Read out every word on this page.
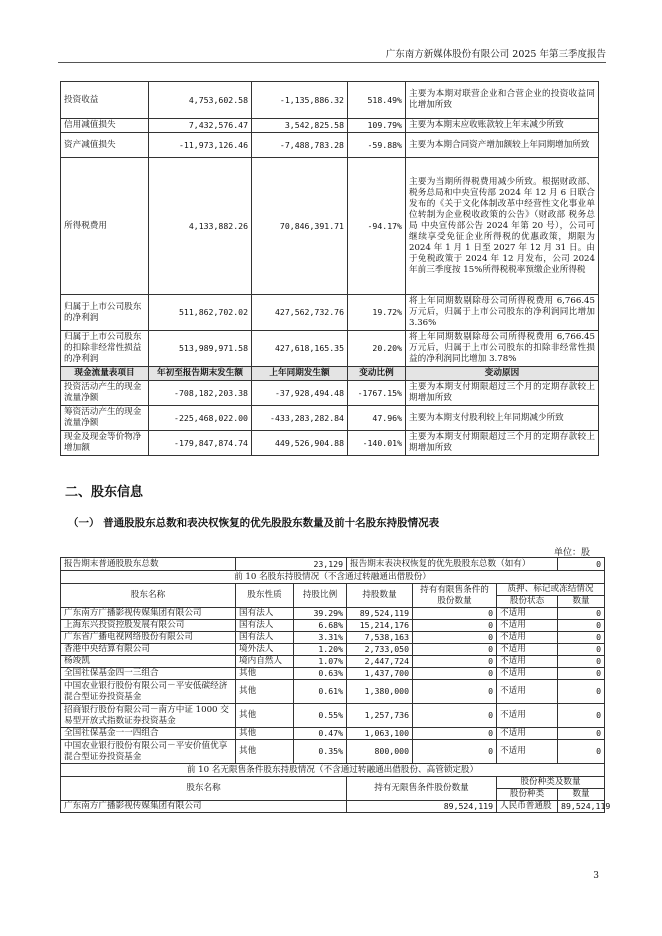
广东南方新媒体股份有限公司 2025 年第三季度报告
投资收益	4,753,602.58	-1,135,886.32	518.49%	主要为本期对联营企业和合营企业的投资收益同比增加所致
信用减值损失	7,432,576.47	3,542,825.58	109.79%	主要为本期末应收账款较上年末减少所致
资产减值损失	-11,973,126.46	-7,488,783.28	-59.88%	主要为本期合同资产增加额较上年同期增加所致
所得税费用	4,133,882.26	70,846,391.71	-94.17%	主要为当期所得税费用减少所致。根据财政部、税务总局和中央宣传部 2024 年 12 月 6 日联合发布的《关于文化体制改革中经营性文化事业单位转制为企业税收政策的公告》（财政部 税务总局 中央宣传部公告 2024 年第 20 号），公司可继续享受免征企业所得税的优惠政策，期限为 2024 年 1 月 1 日至 2027 年 12 月 31 日。由于免税政策于 2024 年 12 月发布，公司 2024 年前三季度按 15%所得税税率预缴企业所得税
归属于上市公司股东的净利润	511,862,702.02	427,562,732.76	19.72%	将上年同期数剔除母公司所得税费用 6,766.45 万元后，归属于上市公司股东的净利润同比增加 3.36%
归属于上市公司股东的扣除非经常性损益的净利润	513,989,971.58	427,618,165.35	20.20%	将上年同期数剔除母公司所得税费用 6,766.45 万元后，归属于上市公司股东的扣除非经常性损益的净利润同比增加 3.78%
现金流量表项目	年初至报告期末发生额	上年同期发生额	变动比例	变动原因
投资活动产生的现金流量净额	-708,182,203.38	-37,928,494.48	-1767.15%	主要为本期支付期限超过三个月的定期存款较上期增加所致
筹资活动产生的现金流量净额	-225,468,022.00	-433,283,282.84	47.96%	主要为本期支付股利较上年同期减少所致
现金及现金等价物净增加额	-179,847,874.74	449,526,904.88	-140.01%	主要为本期支付期限超过三个月的定期存款较上期增加所致
二、股东信息
（一） 普通股股东总数和表决权恢复的优先股股东数量及前十名股东持股情况表
单位：股
报告期末普通股股东总数	23,129		报告期末表决权恢复的优先股股东总数（如有）			0
前 10 名股东持股情况（不含通过转融通出借股份）						
股东名称	股东性质	持股比例	持股数量	持有有限售条件的股份数量	质押、标记或冻结情况	
					股份状态	数量
广东南方广播影视传媒集团有限公司	国有法人	39.29%	89,524,119	0	不适用	0
上海东兴投资控股发展有限公司	国有法人	6.68%	15,214,176	0	不适用	0
广东省广播电视网络股份有限公司	国有法人	3.31%	7,538,163	0	不适用	0
香港中央结算有限公司	境外法人	1.20%	2,733,050	0	不适用	0
杨竣凯	境内自然人	1.07%	2,447,724	0	不适用	0
全国社保基金四一三组合	其他	0.63%	1,437,700	0	不适用	0
中国农业银行股份有限公司－平安低碳经济混合型证券投资基金	其他	0.61%	1,380,000	0	不适用	0
招商银行股份有限公司－南方中证 1000 交易型开放式指数证券投资基金	其他	0.55%	1,257,736	0	不适用	0
全国社保基金一一四组合	其他	0.47%	1,063,100	0	不适用	0
中国农业银行股份有限公司－平安价值优享混合型证券投资基金	其他	0.35%	800,000	0	不适用	0
前 10 名无限售条件股东持股情况（不含通过转融通出借股份、高管锁定股）						
股东名称			持有无限售条件股份数量		股份种类及数量	
					股份种类	数量
广东南方广播影视传媒集团有限公司			89,524,119		人民币普通股	89,524,119
3
